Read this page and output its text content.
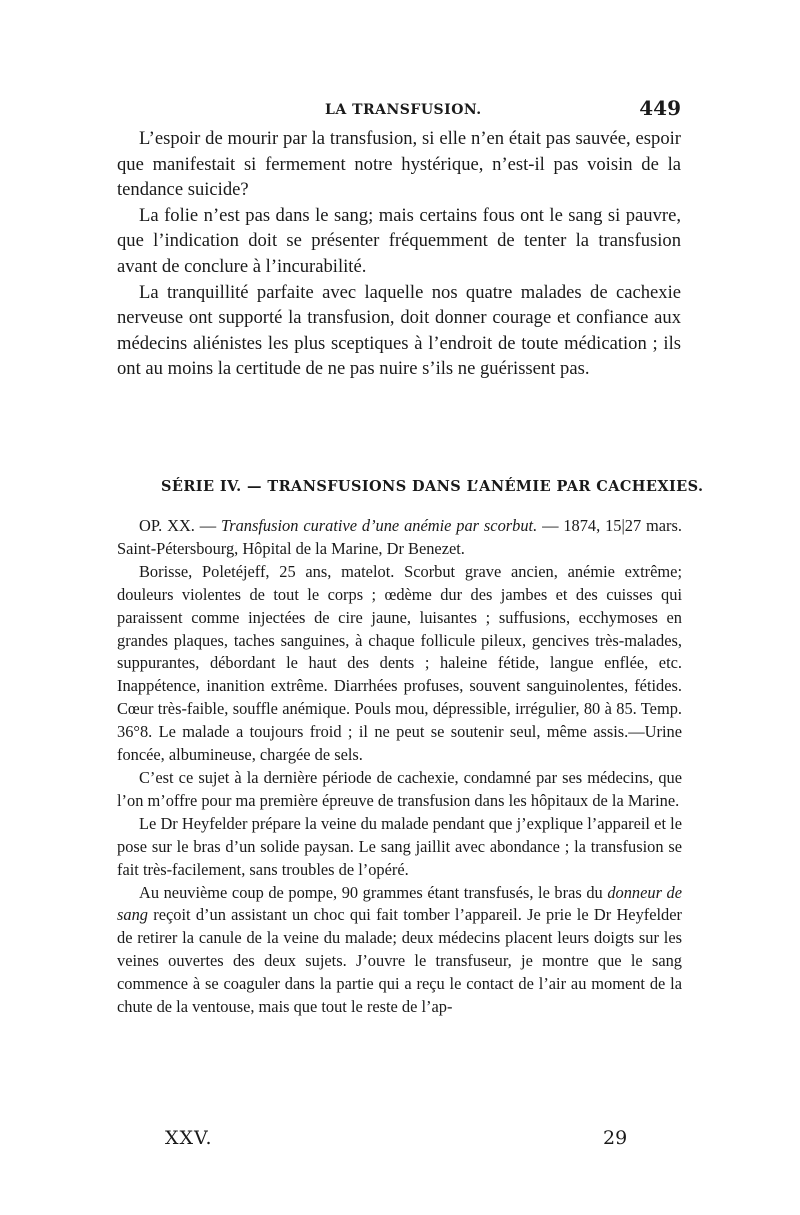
LA TRANSFUSION.	449

L’espoir de mourir par la transfusion, si elle n’en était pas sauvée, espoir que manifestait si fermement notre hystérique, n’est-il pas voisin de la tendance suicide?

La folie n’est pas dans le sang; mais certains fous ont le sang si pauvre, que l’indication doit se présenter fréquemment de tenter la transfusion avant de conclure à l’incurabilité.

La tranquillité parfaite avec laquelle nos quatre malades de cachexie nerveuse ont supporté la transfusion, doit donner courage et confiance aux médecins aliénistes les plus sceptiques à l’endroit de toute médication ; ils ont au moins la certitude de ne pas nuire s’ils ne guérissent pas.

SÉRIE IV. — TRANSFUSIONS DANS L’ANÉMIE PAR CACHEXIES.

OP. XX. — Transfusion curative d’une anémie par scorbut. — 1874, 15|27 mars. Saint-Pétersbourg, Hôpital de la Marine, Dr Benezet.

Borisse, Poletéjeff, 25 ans, matelot. Scorbut grave ancien, anémie extrême; douleurs violentes de tout le corps ; œdème dur des jambes et des cuisses qui paraissent comme injectées de cire jaune, luisantes ; suffusions, ecchymoses en grandes plaques, taches sanguines, à chaque follicule pileux, gencives très-malades, suppurantes, débordant le haut des dents ; haleine fétide, langue enflée, etc. Inappétence, inanition extrême. Diarrhées profuses, souvent sanguinolentes, fétides. Cœur très-faible, souffle anémique. Pouls mou, dépressible, irrégulier, 80 à 85. Temp. 36°8. Le malade a toujours froid ; il ne peut se soutenir seul, même assis.—Urine foncée, albumineuse, chargée de sels.

C’est ce sujet à la dernière période de cachexie, condamné par ses médecins, que l’on m’offre pour ma première épreuve de transfusion dans les hôpitaux de la Marine.

Le Dr Heyfelder prépare la veine du malade pendant que j’explique l’appareil et le pose sur le bras d’un solide paysan. Le sang jaillit avec abondance ; la transfusion se fait très-facilement, sans troubles de l’opéré.

Au neuvième coup de pompe, 90 grammes étant transfusés, le bras du donneur de sang reçoit d’un assistant un choc qui fait tomber l’appareil. Je prie le Dr Heyfelder de retirer la canule de la veine du malade; deux médecins placent leurs doigts sur les veines ouvertes des deux sujets. J’ouvre le transfuseur, je montre que le sang commence à se coaguler dans la partie qui a reçu le contact de l’air au moment de la chute de la ventouse, mais que tout le reste de l’ap-

XXV.	29
